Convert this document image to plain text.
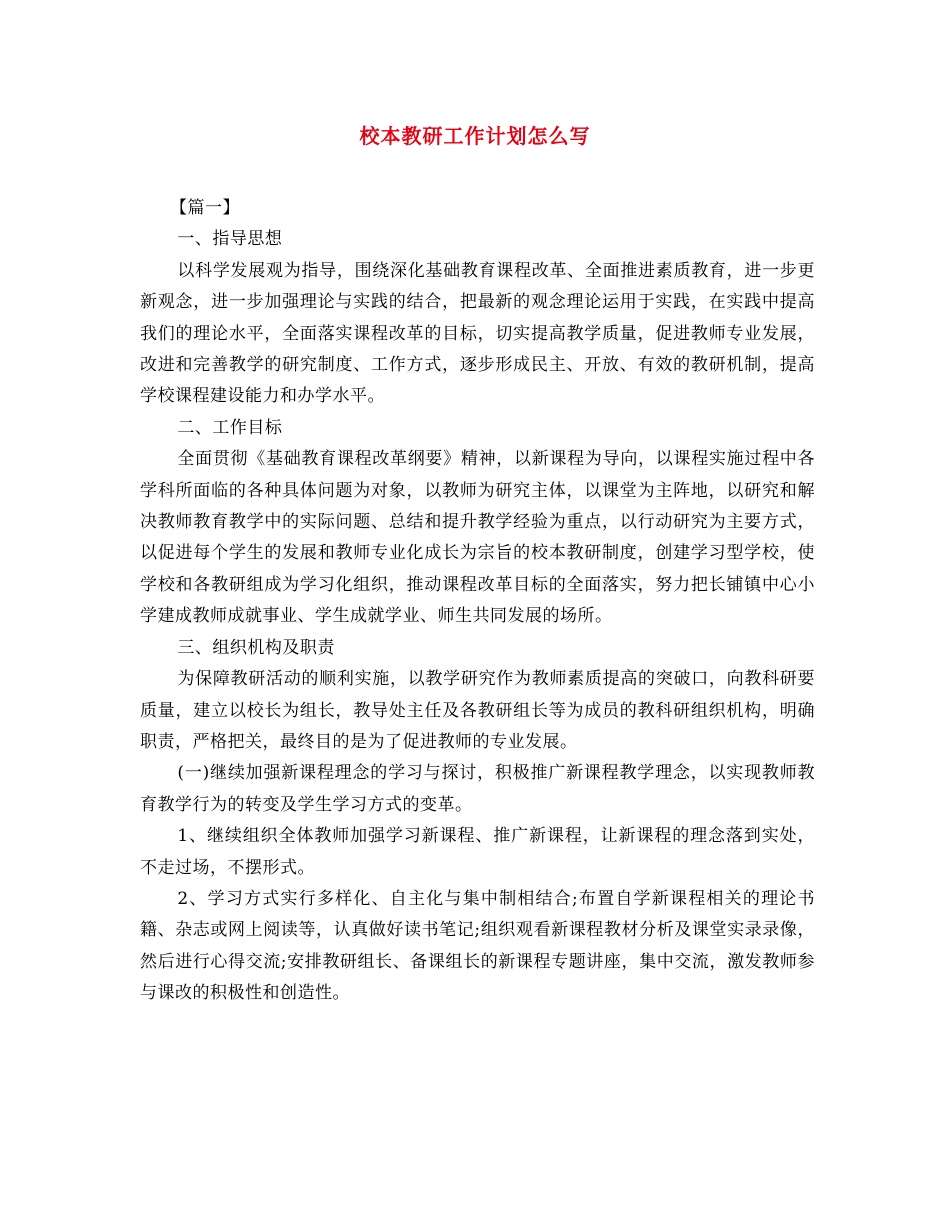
校本教研工作计划怎么写

【篇一】

一、指导思想

以科学发展观为指导，围绕深化基础教育课程改革、全面推进素质教育，进一步更新观念，进一步加强理论与实践的结合，把最新的观念理论运用于实践，在实践中提高我们的理论水平，全面落实课程改革的目标，切实提高教学质量，促进教师专业发展，改进和完善教学的研究制度、工作方式，逐步形成民主、开放、有效的教研机制，提高学校课程建设能力和办学水平。

二、工作目标

全面贯彻《基础教育课程改革纲要》精神，以新课程为导向，以课程实施过程中各学科所面临的各种具体问题为对象，以教师为研究主体，以课堂为主阵地，以研究和解决教师教育教学中的实际问题、总结和提升教学经验为重点，以行动研究为主要方式，以促进每个学生的发展和教师专业化成长为宗旨的校本教研制度，创建学习型学校，使学校和各教研组成为学习化组织，推动课程改革目标的全面落实，努力把长铺镇中心小学建成教师成就事业、学生成就学业、师生共同发展的场所。

三、组织机构及职责

为保障教研活动的顺利实施，以教学研究作为教师素质提高的突破口，向教科研要质量，建立以校长为组长，教导处主任及各教研组长等为成员的教科研组织机构，明确职责，严格把关，最终目的是为了促进教师的专业发展。

(一)继续加强新课程理念的学习与探讨，积极推广新课程教学理念，以实现教师教育教学行为的转变及学生学习方式的变革。

1、继续组织全体教师加强学习新课程、推广新课程，让新课程的理念落到实处，不走过场，不摆形式。

2、学习方式实行多样化、自主化与集中制相结合;布置自学新课程相关的理论书籍、杂志或网上阅读等，认真做好读书笔记;组织观看新课程教材分析及课堂实录录像，然后进行心得交流;安排教研组长、备课组长的新课程专题讲座，集中交流，激发教师参与课改的积极性和创造性。
